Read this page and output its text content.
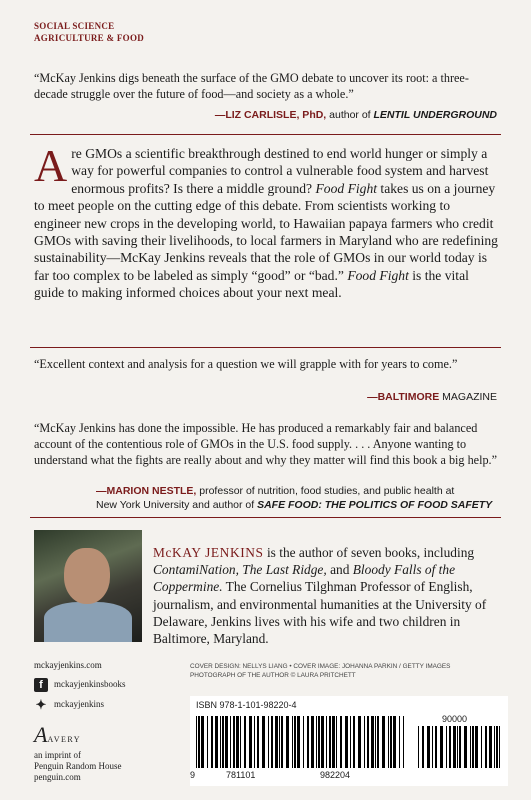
SOCIAL SCIENCE
AGRICULTURE & FOOD
“McKay Jenkins digs beneath the surface of the GMO debate to uncover its root: a three-decade struggle over the future of food—and society as a whole.”
—LIZ CARLISLE, PhD, author of LENTIL UNDERGROUND
Are GMOs a scientific breakthrough destined to end world hunger or simply a way for powerful companies to control a vulnerable food system and harvest enormous profits? Is there a middle ground? Food Fight takes us on a journey to meet people on the cutting edge of this debate. From scientists working to engineer new crops in the developing world, to Hawaiian papaya farmers who credit GMOs with saving their livelihoods, to local farmers in Maryland who are redefining sustainability—McKay Jenkins reveals that the role of GMOs in our world today is far too complex to be labeled as simply “good” or “bad.” Food Fight is the vital guide to making informed choices about your next meal.
“Excellent context and analysis for a question we will grapple with for years to come.”
—BALTIMORE MAGAZINE
“McKay Jenkins has done the impossible. He has produced a remarkably fair and balanced account of the contentious role of GMOs in the U.S. food supply. . . . Anyone wanting to understand what the fights are really about and why they matter will find this book a big help.”
—MARION NESTLE, professor of nutrition, food studies, and public health at
New York University and author of SAFE FOOD: THE POLITICS OF FOOD SAFETY
McKAY JENKINS is the author of seven books, including ContamiNation, The Last Ridge, and Bloody Falls of the Coppermine. The Cornelius Tilghman Professor of English, journalism, and environmental humanities at the University of Delaware, Jenkins lives with his wife and two children in Baltimore, Maryland.
mckayjenkins.com
f mckayjenkinsbooks
✦ mckayjenkins
AAVERY
an imprint of
Penguin Random House
penguin.com
COVER DESIGN: NELLYS LIANG • COVER IMAGE: JOHANNA PARKIN / GETTY IMAGES
PHOTOGRAPH OF THE AUTHOR © LAURA PRITCHETT
ISBN 978-1-101-98220-4
9	781101	982204
90000
